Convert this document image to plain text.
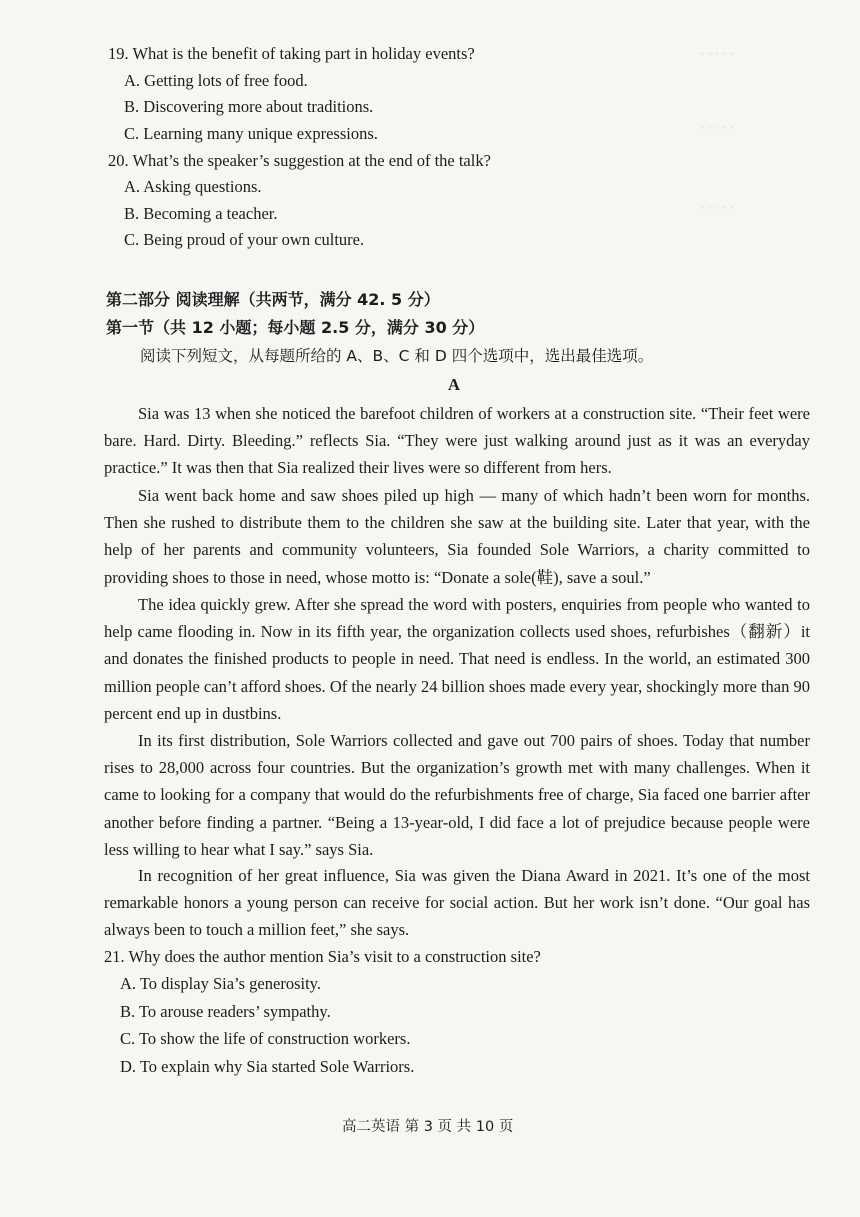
· · · · ·
· · · · ·
· · · · ·
19. What is the benefit of taking part in holiday events?
A. Getting lots of free food.
B. Discovering more about traditions.
C. Learning many unique expressions.
20. What’s the speaker’s suggestion at the end of the talk?
A. Asking questions.
B. Becoming a teacher.
C. Being proud of your own culture.
第二部分 阅读理解（共两节，满分 42. 5 分）
第一节（共 12 小题；每小题 2.5 分，满分 30 分）
阅读下列短文，从每题所给的 A、B、C 和 D 四个选项中，选出最佳选项。
A
Sia was 13 when she noticed the barefoot children of workers at a construction site. “Their feet were bare. Hard. Dirty. Bleeding.” reflects Sia. “They were just walking around just as it was an everyday practice.” It was then that Sia realized their lives were so different from hers.
Sia went back home and saw shoes piled up high — many of which hadn’t been worn for months. Then she rushed to distribute them to the children she saw at the building site. Later that year, with the help of her parents and community volunteers, Sia founded Sole Warriors, a charity committed to providing shoes to those in need, whose motto is: “Donate a sole(鞋), save a soul.”
The idea quickly grew. After she spread the word with posters, enquiries from people who wanted to help came flooding in. Now in its fifth year, the organization collects used shoes, refurbishes（翻新）it and donates the finished products to people in need. That need is endless. In the world, an estimated 300 million people can’t afford shoes. Of the nearly 24 billion shoes made every year, shockingly more than 90 percent end up in dustbins.
In its first distribution, Sole Warriors collected and gave out 700 pairs of shoes. Today that number rises to 28,000 across four countries. But the organization’s growth met with many challenges. When it came to looking for a company that would do the refurbishments free of charge, Sia faced one barrier after another before finding a partner. “Being a 13-year-old, I did face a lot of prejudice because people were less willing to hear what I say.” says Sia.
In recognition of her great influence, Sia was given the Diana Award in 2021. It’s one of the most remarkable honors a young person can receive for social action. But her work isn’t done. “Our goal has always been to touch a million feet,” she says.
21. Why does the author mention Sia’s visit to a construction site?
A. To display Sia’s generosity.
B. To arouse readers’ sympathy.
C. To show the life of construction workers.
D. To explain why Sia started Sole Warriors.
高二英语 第 3 页 共 10 页
